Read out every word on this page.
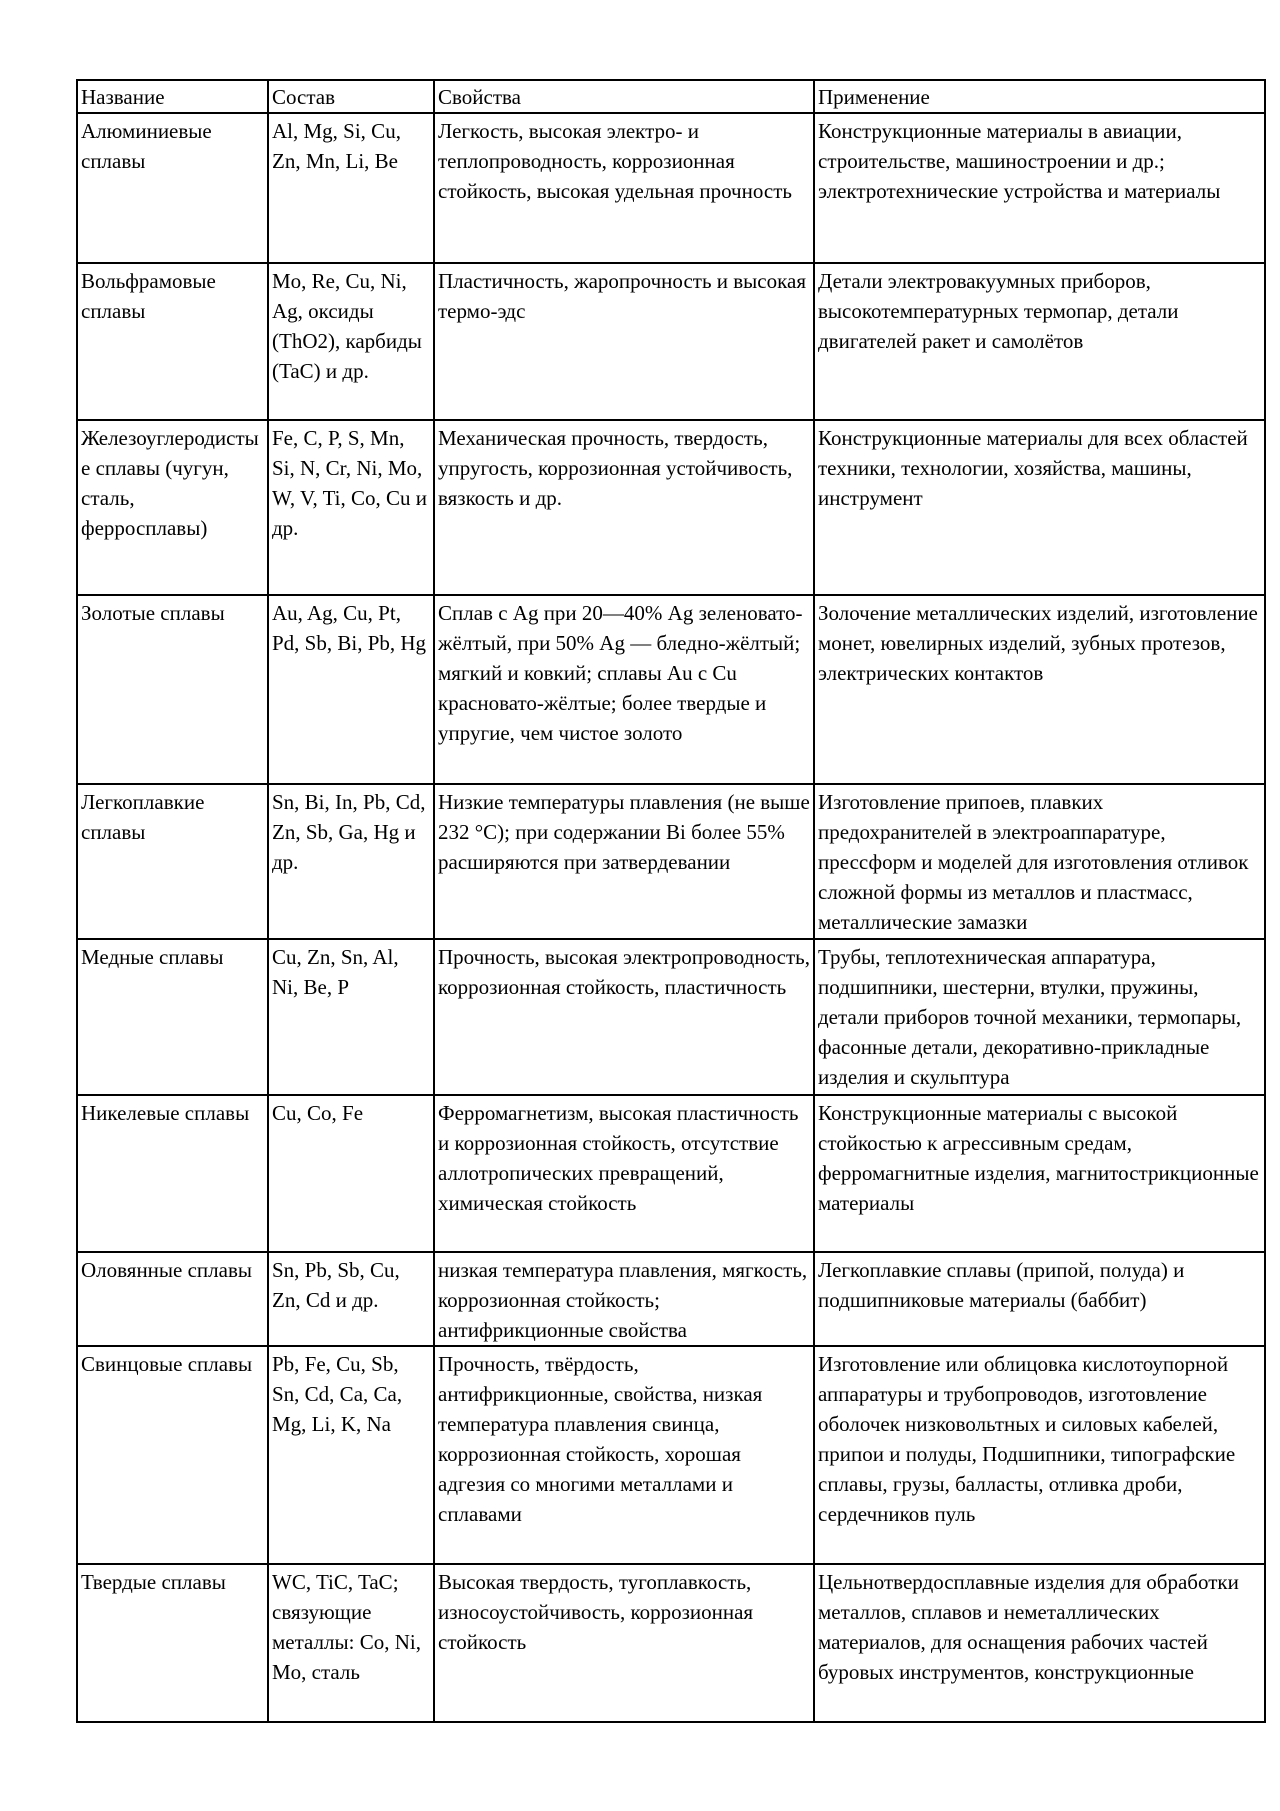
Название	Состав	Свойства	Применение
Алюминиевые сплавы	Al, Mg, Si, Cu, Zn, Mn, Li, Be	Легкость, высокая электро- и теплопроводность, коррозионная стойкость, высокая удельная прочность	Конструкционные материалы в авиации, строительстве, машиностроении и др.; электротехнические устройства и материалы
Вольфрамовые сплавы	Mo, Re, Cu, Ni, Ag, оксиды (ThO2), карбиды (TaC) и др.	Пластичность, жаропрочность и высокая термо-эдс	Детали электровакуумных приборов, высокотемпературных термопар, детали двигателей ракет и самолётов
Железоуглеродистые сплавы (чугун, сталь, ферросплавы)	Fe, C, P, S, Mn, Si, N, Cr, Ni, Mo, W, V, Ti, Co, Cu и др.	Механическая прочность, твердость, упругость, коррозионная устойчивость, вязкость и др.	Конструкционные материалы для всех областей техники, технологии, хозяйства, машины, инструмент
Золотые сплавы	Au, Ag, Cu, Pt, Pd, Sb, Bi, Pb, Hg	Сплав с Ag при 20—40% Ag зеленовато-жёлтый, при 50% Ag — бледно-жёлтый; мягкий и ковкий; сплавы Au с Cu красновато-жёлтые; более твердые и упругие, чем чистое золото	Золочение металлических изделий, изготовление монет, ювелирных изделий, зубных протезов, электрических контактов
Легкоплавкие сплавы	Sn, Bi, In, Pb, Cd, Zn, Sb, Ga, Hg и др.	Низкие температуры плавления (не выше 232 °C); при содержании Bi более 55% расширяются при затвердевании	Изготовление припоев, плавких предохранителей в электроаппаратуре, прессформ и моделей для изготовления отливок сложной формы из металлов и пластмасс, металлические замазки
Медные сплавы	Cu, Zn, Sn, Al, Ni, Be, P	Прочность, высокая электропроводность, коррозионная стойкость, пластичность	Трубы, теплотехническая аппаратура, подшипники, шестерни, втулки, пружины, детали приборов точной механики, термопары, фасонные детали, декоративно-прикладные изделия и скульптура
Никелевые сплавы	Cu, Co, Fe	Ферромагнетизм, высокая пластичность и коррозионная стойкость, отсутствие аллотропических превращений, химическая стойкость	Конструкционные материалы с высокой стойкостью к агрессивным средам, ферромагнитные изделия, магнитострикционные материалы
Оловянные сплавы	Sn, Pb, Sb, Cu, Zn, Cd и др.	низкая температура плавления, мягкость, коррозионная стойкость; антифрикционные свойства	Легкоплавкие сплавы (припой, полуда) и подшипниковые материалы (баббит)
Свинцовые сплавы	Pb, Fe, Cu, Sb, Sn, Cd, Ca, Ca, Mg, Li, K, Na	Прочность, твёрдость, антифрикционные, свойства, низкая температура плавления свинца, коррозионная стойкость, хорошая адгезия со многими металлами и сплавами	Изготовление или облицовка кислотоупорной аппаратуры и трубопроводов, изготовление оболочек низковольтных и силовых кабелей, припои и полуды, Подшипники, типографские сплавы, грузы, балласты, отливка дроби, сердечников пуль
Твердые сплавы	WC, TiC, TaC; связующие металлы: Co, Ni, Mo, сталь	Высокая твердость, тугоплавкость, износоустойчивость, коррозионная стойкость	Цельнотвердосплавные изделия для обработки металлов, сплавов и неметаллических материалов, для оснащения рабочих частей буровых инструментов, конструкционные
